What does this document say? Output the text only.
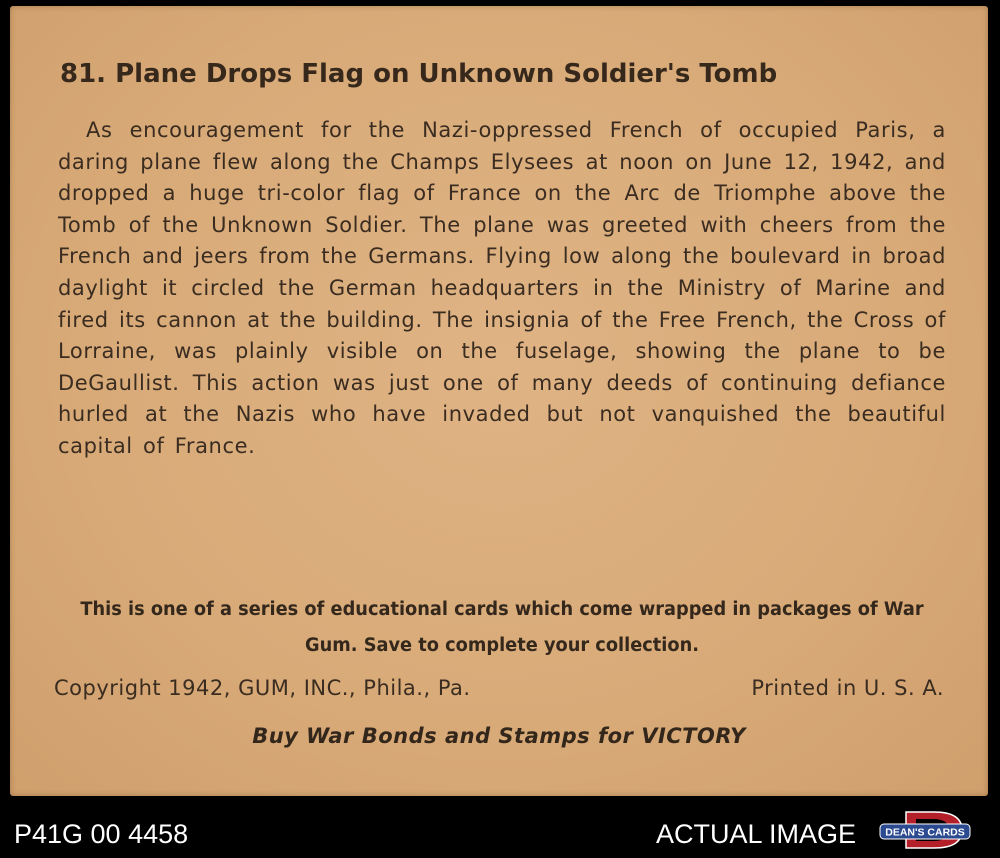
81. Plane Drops Flag on Unknown Soldier's Tomb

As encouragement for the Nazi-oppressed French of occupied Paris, a daring plane flew along the Champs Elysees at noon on June 12, 1942, and dropped a huge tri-color flag of France on the Arc de Triomphe above the Tomb of the Unknown Soldier. The plane was greeted with cheers from the French and jeers from the Germans. Flying low along the boulevard in broad daylight it circled the German headquarters in the Ministry of Marine and fired its cannon at the building. The insignia of the Free French, the Cross of Lorraine, was plainly visible on the fuselage, showing the plane to be DeGaullist. This action was just one of many deeds of continuing defiance hurled at the Nazis who have invaded but not vanquished the beautiful capital of France.

This is one of a series of educational cards which come wrapped in packages of War Gum. Save to complete your collection.

Copyright 1942, GUM, INC., Phila., Pa.	Printed in U. S. A.

Buy War Bonds and Stamps for VICTORY

P41G 00 4458	ACTUAL IMAGE	DEAN'S CARDS
